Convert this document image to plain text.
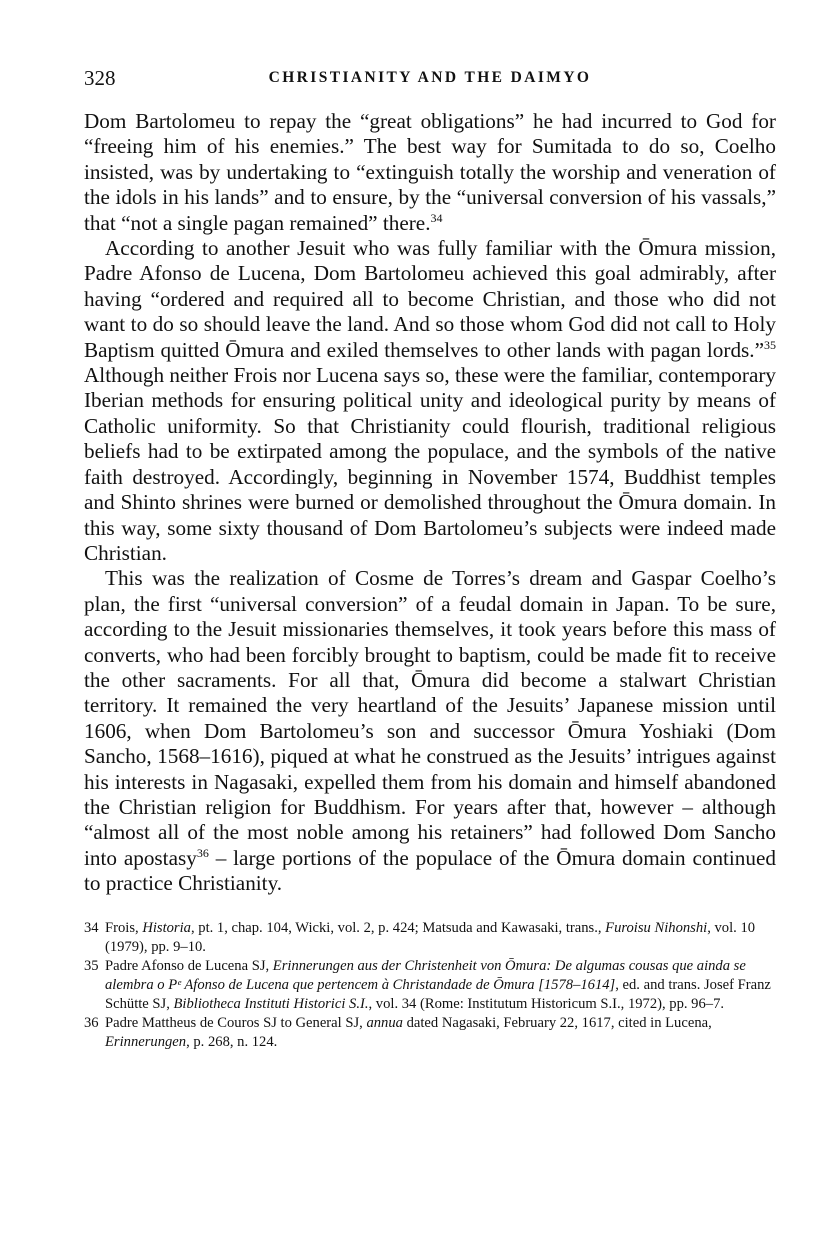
328	CHRISTIANITY AND THE DAIMYO

Dom Bartolomeu to repay the “great obligations” he had incurred to God for “freeing him of his enemies.” The best way for Sumitada to do so, Coelho insisted, was by undertaking to “extinguish totally the worship and veneration of the idols in his lands” and to ensure, by the “universal conversion of his vassals,” that “not a single pagan remained” there.$^{34}$

According to another Jesuit who was fully familiar with the Ōmura mission, Padre Afonso de Lucena, Dom Bartolomeu achieved this goal admirably, after having “ordered and required all to become Christian, and those who did not want to do so should leave the land. And so those whom God did not call to Holy Baptism quitted Ōmura and exiled themselves to other lands with pagan lords.”$^{35}$ Although neither Frois nor Lucena says so, these were the familiar, contemporary Iberian methods for ensuring political unity and ideological purity by means of Catholic uniformity. So that Christianity could flourish, traditional religious beliefs had to be extirpated among the populace, and the symbols of the native faith destroyed. Accordingly, beginning in November 1574, Buddhist temples and Shinto shrines were burned or demolished throughout the Ōmura domain. In this way, some sixty thousand of Dom Bartolomeu’s subjects were indeed made Christian.

This was the realization of Cosme de Torres’s dream and Gaspar Coelho’s plan, the first “universal conversion” of a feudal domain in Japan. To be sure, according to the Jesuit missionaries themselves, it took years before this mass of converts, who had been forcibly brought to baptism, could be made fit to receive the other sacraments. For all that, Ōmura did become a stalwart Christian territory. It remained the very heartland of the Jesuits’ Japanese mission until 1606, when Dom Bartolomeu’s son and successor Ōmura Yoshiaki (Dom Sancho, 1568–1616), piqued at what he construed as the Jesuits’ intrigues against his interests in Nagasaki, expelled them from his domain and himself abandoned the Christian religion for Buddhism. For years after that, however – although “almost all of the most noble among his retainers” had followed Dom Sancho into apostasy$^{36}$ – large portions of the populace of the Ōmura domain continued to practice Christianity.

34 Frois, Historia, pt. 1, chap. 104, Wicki, vol. 2, p. 424; Matsuda and Kawasaki, trans., Furoisu Nihonshi, vol. 10 (1979), pp. 9–10.
35 Padre Afonso de Lucena SJ, Erinnerungen aus der Christenheit von Ōmura: De algumas cousas que ainda se alembra o Pᵉ Afonso de Lucena que pertencem à Christandade de Ōmura [1578–1614], ed. and trans. Josef Franz Schütte SJ, Bibliotheca Instituti Historici S.I., vol. 34 (Rome: Institutum Historicum S.I., 1972), pp. 96–7.
36 Padre Mattheus de Couros SJ to General SJ, annua dated Nagasaki, February 22, 1617, cited in Lucena, Erinnerungen, p. 268, n. 124.
